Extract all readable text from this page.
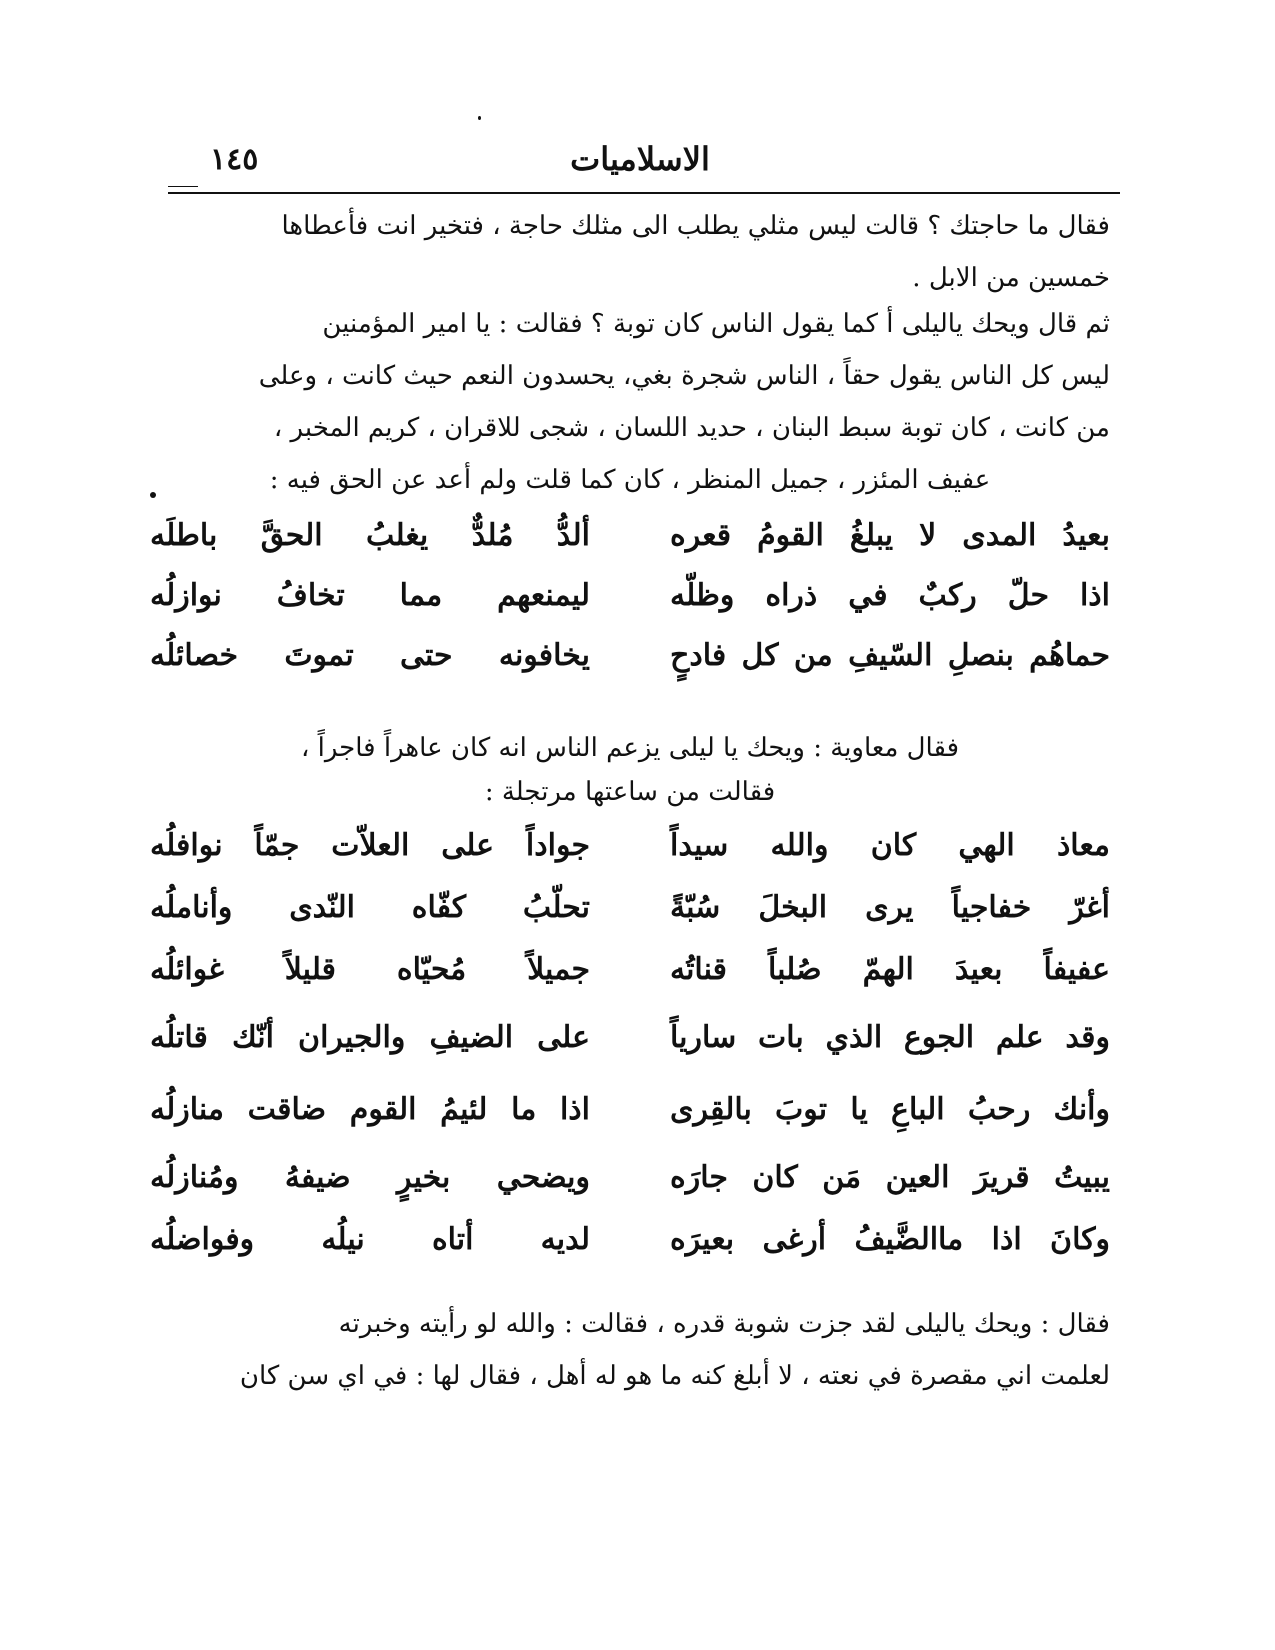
الاسلاميات
١٤٥
فقال ما حاجتك ؟ قالت ليس مثلي يطلب الى مثلك حاجة ، فتخير انت فأعطاها
خمسين من الابل .
ثم قال ويحك ياليلى أ كما يقول الناس كان توبة ؟ فقالت : يا امير المؤمنين
ليس كل الناس يقول حقاً ، الناس شجرة بغي، يحسدون النعم حيث كانت ، وعلى
من كانت ، كان توبة سبط البنان ، حديد اللسان ، شجى للاقران ، كريم المخبر ،
عفيف المئزر ، جميل المنظر ، كان كما قلت ولم أعد عن الحق فيه :
بعيدُ المدى لا يبلغُ القومُ قعره
ألدُّ مُلدٌّ يغلبُ الحقَّ باطلَه
اذا حلّ ركبٌ في ذراه وظلّه
ليمنعهم مما تخافُ نوازلُه
حماهُم بنصلِ السّيفِ من كل فادحٍ
يخافونه حتى تموتَ خصائلُه
فقال معاوية : ويحك يا ليلى يزعم الناس انه كان عاهراً فاجراً ،
فقالت من ساعتها مرتجلة :
معاذ الهي كان والله سيداً
جواداً على العلاّت جمّاً نوافلُه
أغرّ خفاجياً يرى البخلَ سُبّةً
تحلّبُ كفّاه النّدى وأناملُه
عفيفاً بعيدَ الهمّ صُلباً قناتُه
جميلاً مُحيّاه قليلاً غوائلُه
وقد علم الجوع الذي بات سارياً
على الضيفِ والجيران أنّك قاتلُه
وأنك رحبُ الباعِ يا توبَ بالقِرى
اذا ما لئيمُ القوم ضاقت منازلُه
يبيتُ قريرَ العين مَن كان جارَه
ويضحي بخيرٍ ضيفهُ ومُنازلُه
وكانَ اذا ماالضَّيفُ أرغى بعيرَه
لديه أتاه نيلُه وفواضلُه
فقال : ويحك ياليلى لقد جزت شوبة قدره ، فقالت : والله لو رأيته وخبرته
لعلمت اني مقصرة في نعته ، لا أبلغ كنه ما هو له أهل ، فقال لها : في اي سن كان
